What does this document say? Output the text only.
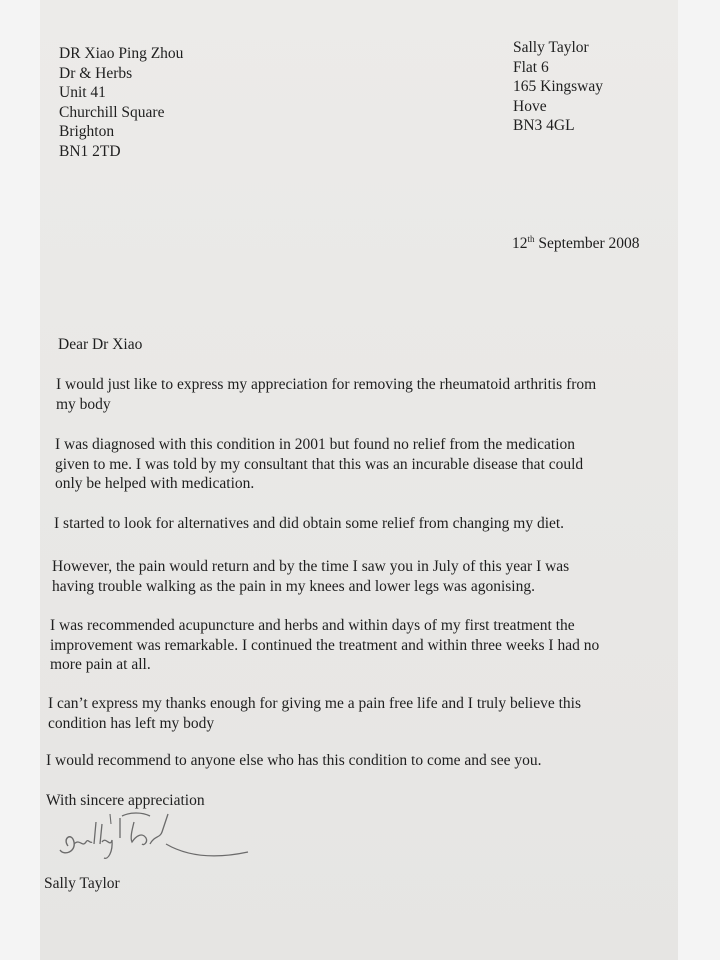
DR Xiao Ping Zhou
Dr & Herbs
Unit 41
Churchill Square
Brighton
BN1 2TD
Sally Taylor
Flat 6
165 Kingsway
Hove
BN3 4GL
12th September 2008
Dear Dr Xiao
I would just like to express my appreciation for removing the rheumatoid arthritis from
my body
I was diagnosed with this condition in 2001 but found no relief from the medication
given to me. I was told by my consultant that this was an incurable disease that could
only be helped with medication.
I started to look for alternatives and did obtain some relief from changing my diet.
However, the pain would return and by the time I saw you in July of this year I was
having trouble walking as the pain in my knees and lower legs was agonising.
I was recommended acupuncture and herbs and within days of my first treatment the
improvement was remarkable. I continued the treatment and within three weeks I had no
more pain at all.
I can’t express my thanks enough for giving me a pain free life and I truly believe this
condition has left my body
I would recommend to anyone else who has this condition to come and see you.
With sincere appreciation
Sally Taylor
